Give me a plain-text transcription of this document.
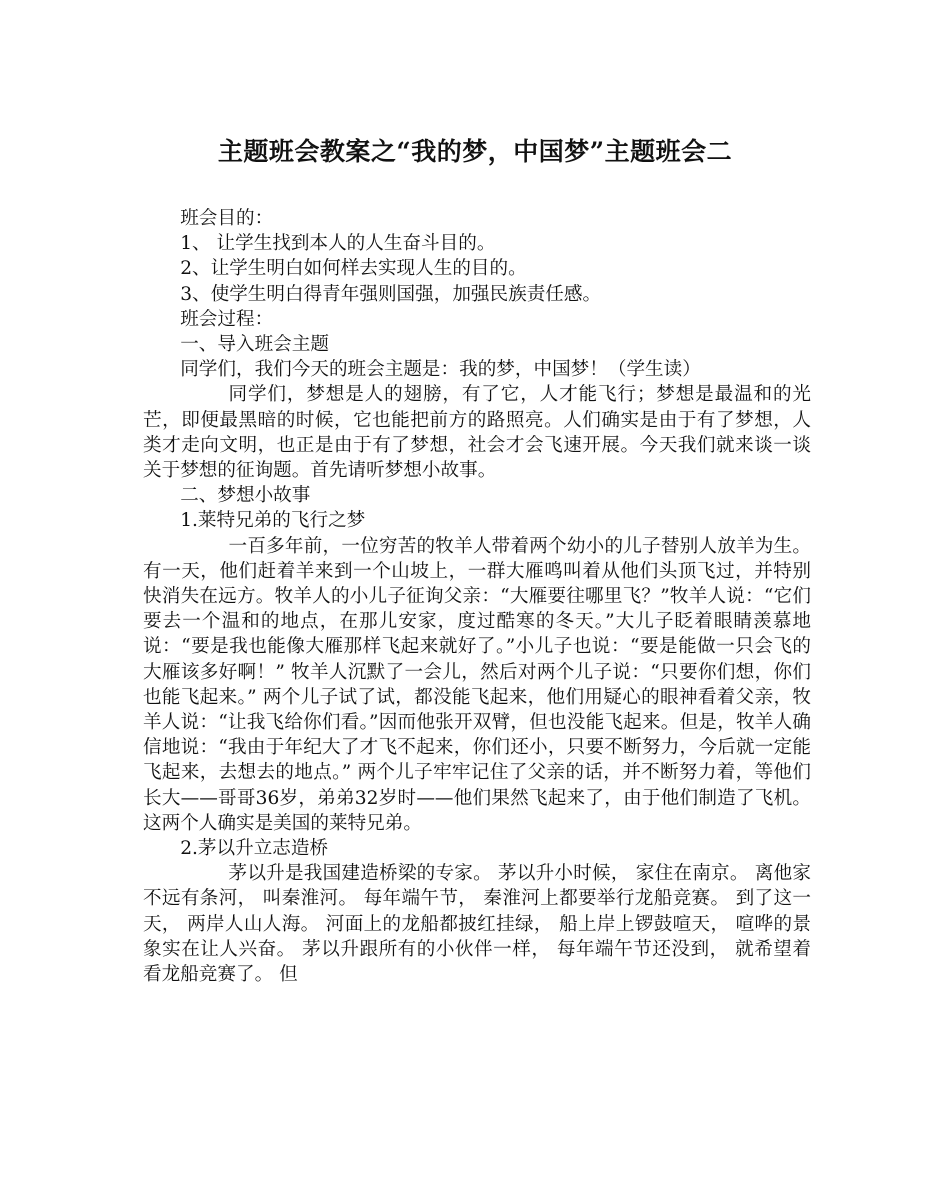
主题班会教案之“我的梦，中国梦”主题班会二

班会目的：

1、 让学生找到本人的人生奋斗目的。

2、让学生明白如何样去实现人生的目的。

3、使学生明白得青年强则国强，加强民族责任感。

班会过程：

一、导入班会主题

同学们，我们今天的班会主题是：我的梦，中国梦！（学生读）

同学们，梦想是人的翅膀，有了它，人才能飞行；梦想是最温和的光芒，即便最黑暗的时候，它也能把前方的路照亮。人们确实是由于有了梦想，人类才走向文明，也正是由于有了梦想，社会才会飞速开展。今天我们就来谈一谈关于梦想的征询题。首先请听梦想小故事。

二、梦想小故事

1.莱特兄弟的飞行之梦

一百多年前，一位穷苦的牧羊人带着两个幼小的儿子替别人放羊为生。 有一天，他们赶着羊来到一个山坡上，一群大雁鸣叫着从他们头顶飞过，并特别快消失在远方。牧羊人的小儿子征询父亲：“大雁要往哪里飞？”牧羊人说：“它们要去一个温和的地点，在那儿安家，度过酷寒的冬天。”大儿子眨着眼睛羡慕地说：“要是我也能像大雁那样飞起来就好了。”小儿子也说：“要是能做一只会飞的大雁该多好啊！” 牧羊人沉默了一会儿，然后对两个儿子说：“只要你们想，你们也能飞起来。” 两个儿子试了试，都没能飞起来，他们用疑心的眼神看着父亲，牧羊人说：“让我飞给你们看。”因而他张开双臂，但也没能飞起来。但是，牧羊人确信地说：“我由于年纪大了才飞不起来，你们还小，只要不断努力，今后就一定能飞起来，去想去的地点。” 两个儿子牢牢记住了父亲的话，并不断努力着，等他们长大——哥哥36岁，弟弟32岁时——他们果然飞起来了，由于他们制造了飞机。这两个人确实是美国的莱特兄弟。

2.茅以升立志造桥

茅以升是我国建造桥梁的专家。 茅以升小时候， 家住在南京。 离他家不远有条河， 叫秦淮河。 每年端午节， 秦淮河上都要举行龙船竞赛。 到了这一天， 两岸人山人海。 河面上的龙船都披红挂绿， 船上岸上锣鼓喧天， 喧哗的景象实在让人兴奋。 茅以升跟所有的小伙伴一样， 每年端午节还没到， 就希望着看龙船竞赛了。 但
